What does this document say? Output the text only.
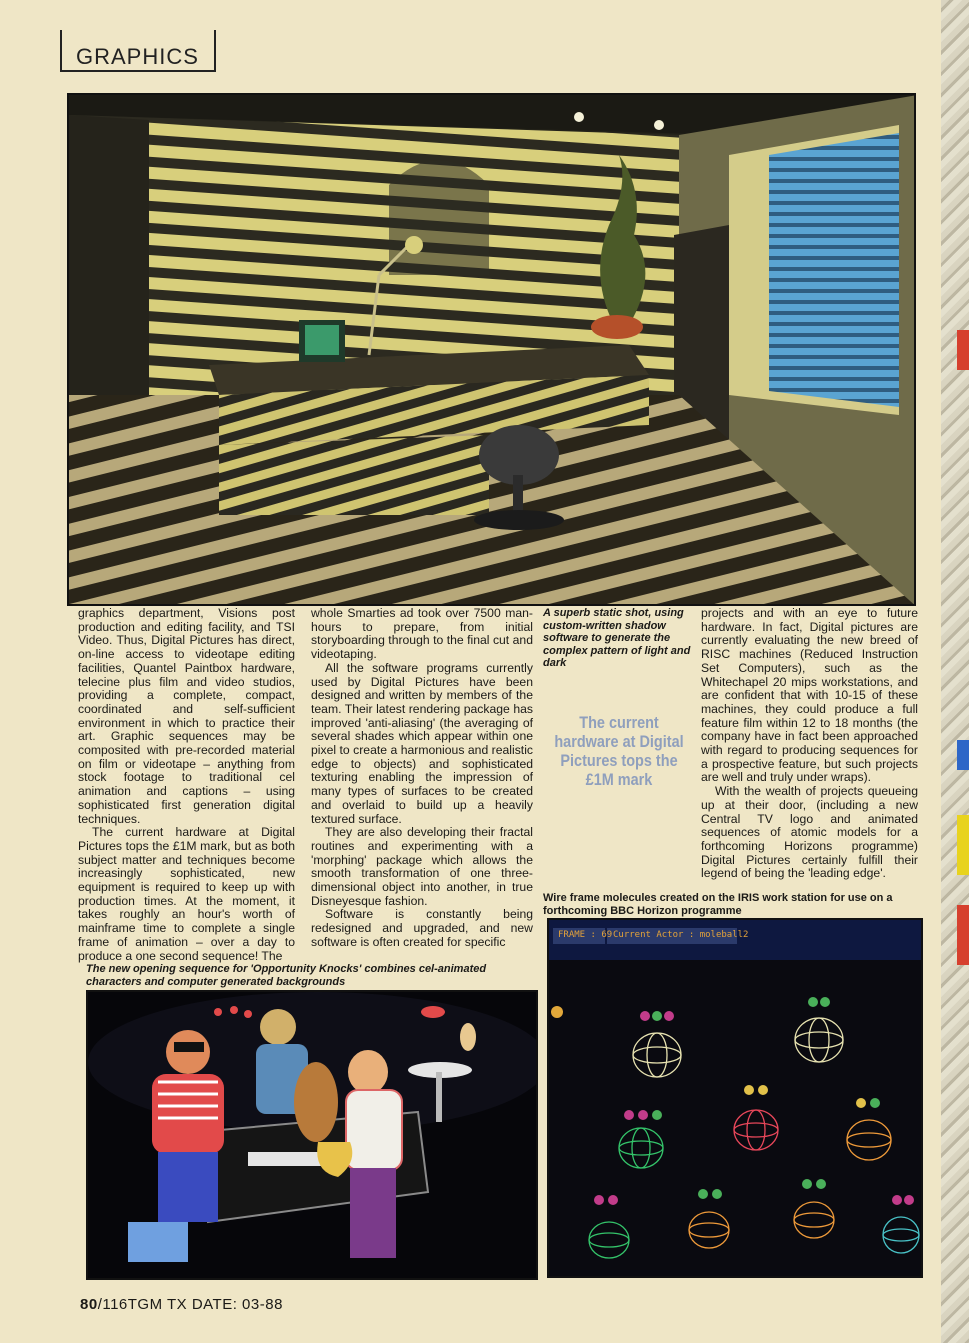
GRAPHICS

graphics department, Visions post production and editing facility, and TSI Video. Thus, Digital Pictures has direct, on-line access to videotape editing facilities, Quantel Paintbox hardware, telecine plus film and video studios, providing a complete, compact, coordinated and self-sufficient environment in which to practice their art. Graphic sequences may be composited with pre-recorded material on film or videotape – anything from stock footage to traditional cel animation and captions – using sophisticated first generation digital techniques.

The current hardware at Digital Pictures tops the £1M mark, but as both subject matter and techniques become increasingly sophisticated, new equipment is required to keep up with production times. At the moment, it takes roughly an hour's worth of mainframe time to complete a single frame of animation – over a day to produce a one second sequence! The

whole Smarties ad took over 7500 man-hours to prepare, from initial storyboarding through to the final cut and videotaping.

All the software programs currently used by Digital Pictures have been designed and written by members of the team. Their latest rendering package has improved 'anti-aliasing' (the averaging of several shades which appear within one pixel to create a harmonious and realistic edge to objects) and sophisticated texturing enabling the impression of many types of surfaces to be created and overlaid to build up a heavily textured surface.

They are also developing their fractal routines and experimenting with a 'morphing' package which allows the smooth transformation of one three-dimensional object into another, in true Disneyesque fashion.

Software is constantly being redesigned and upgraded, and new software is often created for specific

A superb static shot, using custom-written shadow software to generate the complex pattern of light and dark
The current hardware at Digital Pictures tops the £1M mark

projects and with an eye to future hardware. In fact, Digital pictures are currently evaluating the new breed of RISC machines (Reduced Instruction Set Computers), such as the Whitechapel 20 mips workstations, and are confident that with 10-15 of these machines, they could produce a full feature film within 12 to 18 months (the company have in fact been approached with regard to producing sequences for a prospective feature, but such projects are well and truly under wraps).

With the wealth of projects queueing up at their door, (including a new Central TV logo and animated sequences of atomic models for a forthcoming Horizons programme) Digital Pictures certainly fulfill their legend of being the 'leading edge'.

Wire frame molecules created on the IRIS work station for use on a forthcoming BBC Horizon programme
FRAME : 69 Current Actor : moleball2
The new opening sequence for 'Opportunity Knocks' combines cel-animated characters and computer generated backgrounds
80/116TGM TX DATE: 03-88
